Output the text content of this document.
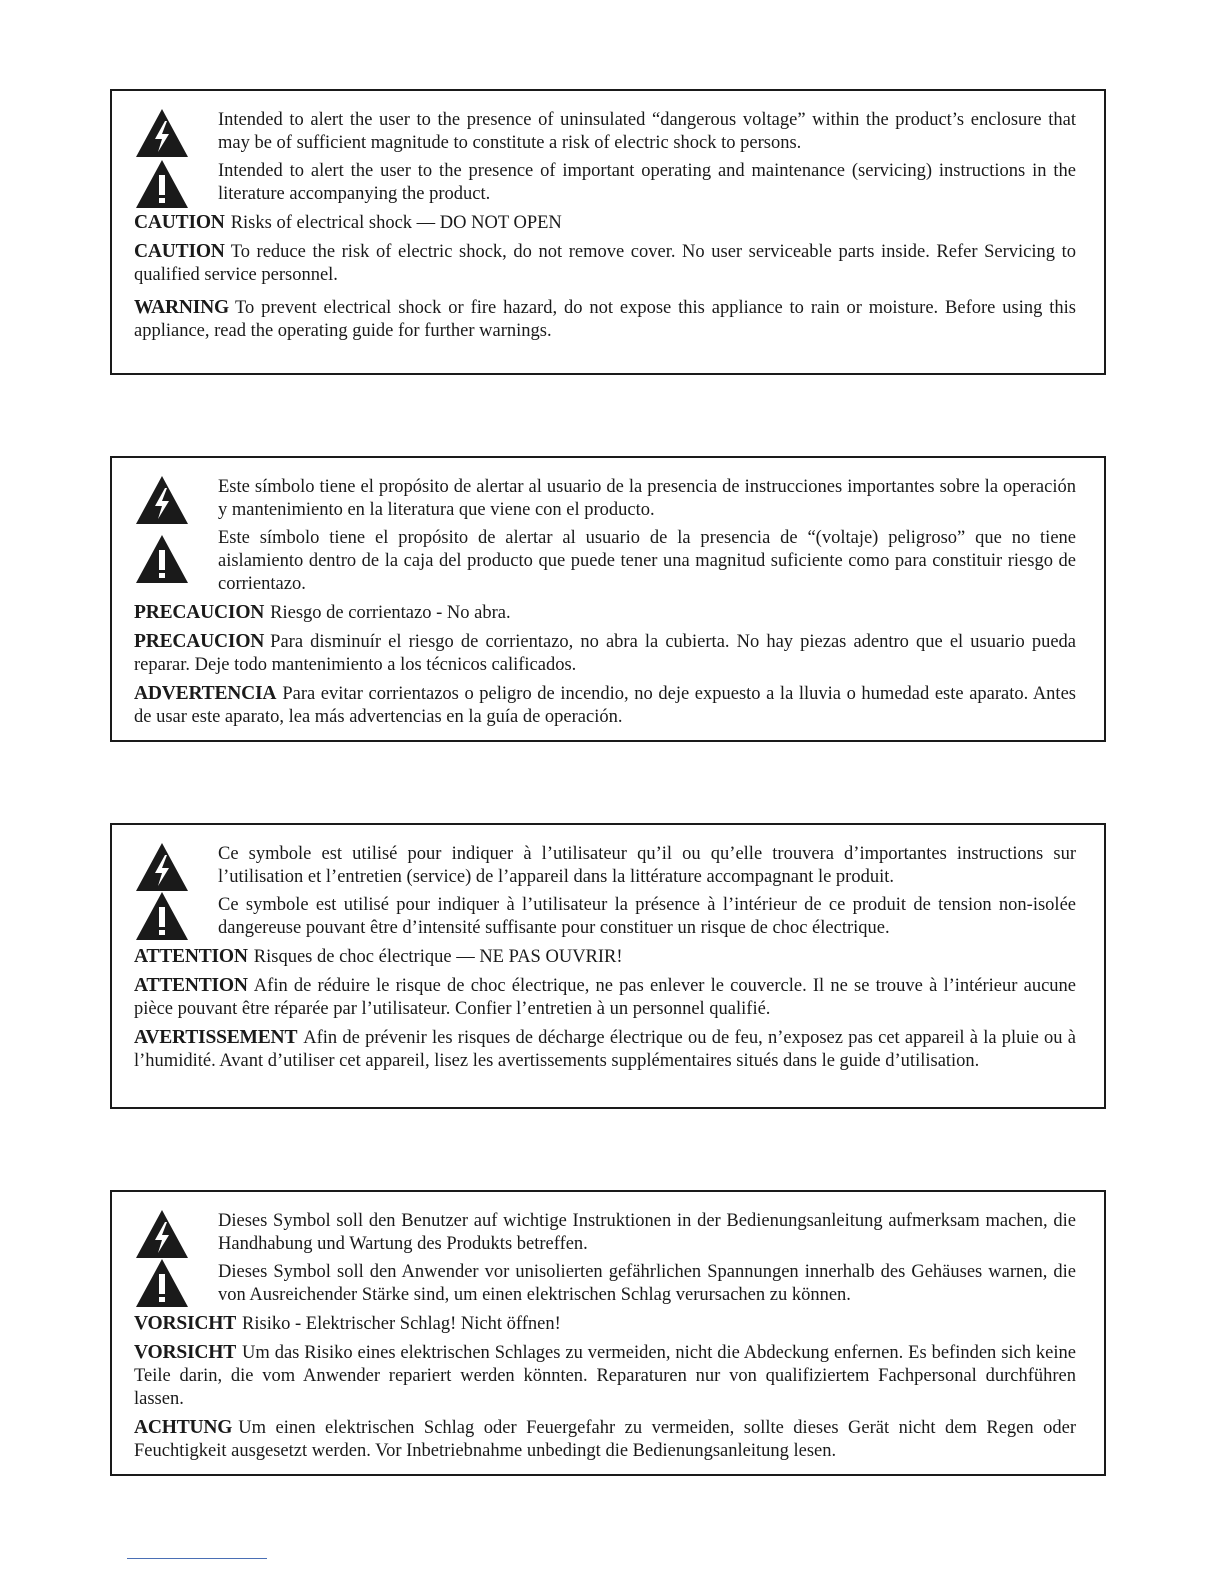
Intended to alert the user to the presence of uninsulated “dangerous voltage” within the product’s enclosure that may be of sufficient magnitude to constitute a risk of electric shock to persons.
Intended to alert the user to the presence of important operating and maintenance (servicing) instructions in the literature accompanying the product.
CAUTION Risks of electrical shock — DO NOT OPEN
CAUTION To reduce the risk of electric shock, do not remove cover. No user serviceable parts inside. Refer Servicing to qualified service personnel.
WARNING To prevent electrical shock or fire hazard, do not expose this appliance to rain or moisture. Before using this appliance, read the operating guide for further warnings.
Este símbolo tiene el propósito de alertar al usuario de la presencia de instrucciones importantes sobre la operación y mantenimiento en la literatura que viene con el producto.
Este símbolo tiene el propósito de alertar al usuario de la presencia de “(voltaje) peligroso” que no tiene aislamiento dentro de la caja del producto que puede tener una magnitud suficiente como para constituir riesgo de corrientazo.
PRECAUCION Riesgo de corrientazo - No abra.
PRECAUCION Para disminuír el riesgo de corrientazo, no abra la cubierta. No hay piezas adentro que el usuario pueda reparar. Deje todo mantenimiento a los técnicos calificados.
ADVERTENCIA Para evitar corrientazos o peligro de incendio, no deje expuesto a la lluvia o humedad este aparato. Antes de usar este aparato, lea más advertencias en la guía de operación.
Ce symbole est utilisé pour indiquer à l’utilisateur qu’il ou qu’elle trouvera d’importantes instructions sur l’utilisation et l’entretien (service) de l’appareil dans la littérature accompagnant le produit.
Ce symbole est utilisé pour indiquer à l’utilisateur la présence à l’intérieur de ce produit de tension non-isolée dangereuse pouvant être d’intensité suffisante pour constituer un risque de choc électrique.
ATTENTION Risques de choc électrique — NE PAS OUVRIR!
ATTENTION Afin de réduire le risque de choc électrique, ne pas enlever le couvercle. Il ne se trouve à l’intérieur aucune pièce pouvant être réparée par l’utilisateur. Confier l’entretien à un personnel qualifié.
AVERTISSEMENT Afin de prévenir les risques de décharge électrique ou de feu, n’exposez pas cet appareil à la pluie ou à l’humidité. Avant d’utiliser cet appareil, lisez les avertissements supplémentaires situés dans le guide d’utilisation.
Dieses Symbol soll den Benutzer auf wichtige Instruktionen in der Bedienungsanleitung aufmerksam machen, die Handhabung und Wartung des Produkts betreffen.
Dieses Symbol soll den Anwender vor unisolierten gefährlichen Spannungen innerhalb des Gehäuses warnen, die von Ausreichender Stärke sind, um einen elektrischen Schlag verursachen zu können.
VORSICHT Risiko - Elektrischer Schlag! Nicht öffnen!
VORSICHT Um das Risiko eines elektrischen Schlages zu vermeiden, nicht die Abdeckung enfernen. Es befinden sich keine Teile darin, die vom Anwender repariert werden könnten. Reparaturen nur von qualifiziertem Fachpersonal durchführen lassen.
ACHTUNG Um einen elektrischen Schlag oder Feuergefahr zu vermeiden, sollte dieses Gerät nicht dem Regen oder Feuchtigkeit ausgesetzt werden. Vor Inbetriebnahme unbedingt die Bedienungsanleitung lesen.
